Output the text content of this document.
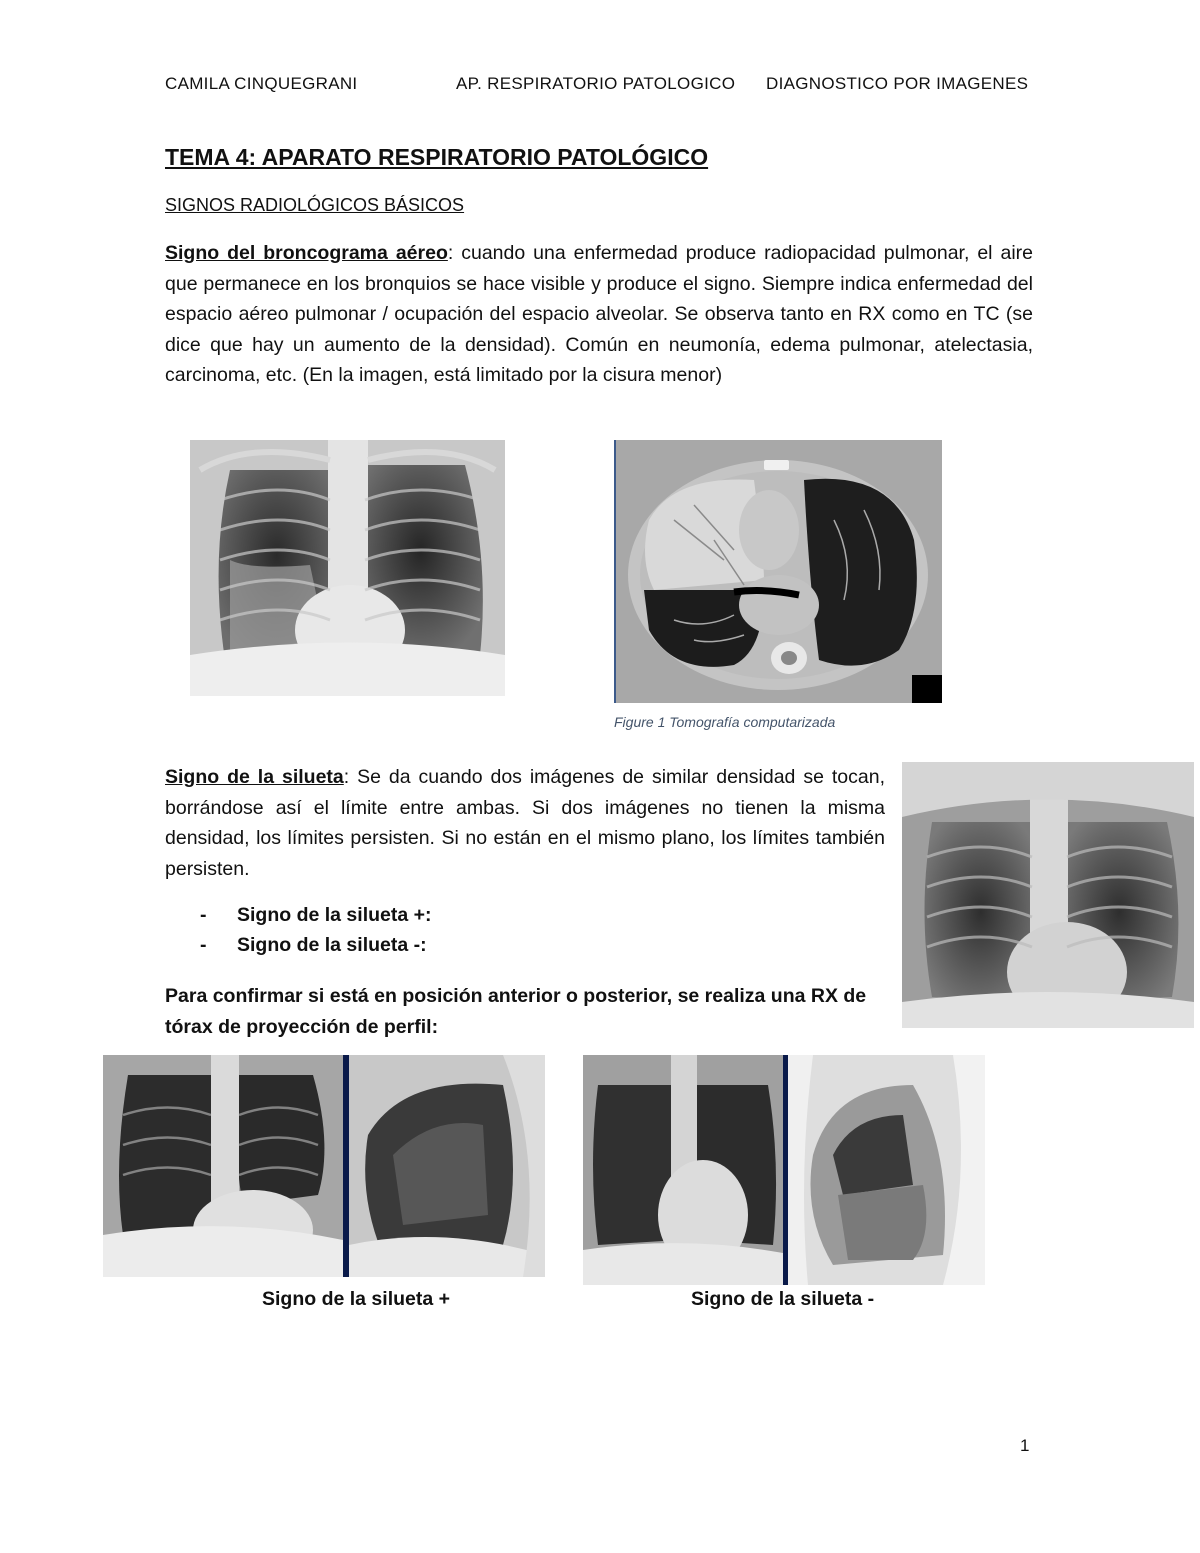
CAMILA CINQUEGRANI	AP. RESPIRATORIO PATOLOGICO DIAGNOSTICO POR IMAGENES
TEMA 4: APARATO RESPIRATORIO PATOLÓGICO
SIGNOS RADIOLÓGICOS BÁSICOS
Signo del broncograma aéreo: cuando una enfermedad produce radiopacidad pulmonar, el aire que permanece en los bronquios se hace visible y produce el signo. Siempre indica enfermedad del espacio aéreo pulmonar / ocupación del espacio alveolar. Se observa tanto en RX como en TC (se dice que hay un aumento de la densidad). Común en neumonía, edema pulmonar, atelectasia, carcinoma, etc. (En la imagen, está limitado por la cisura menor)
Figure 1 Tomografía computarizada
Signo de la silueta: Se da cuando dos imágenes de similar densidad se tocan, borrándose así el límite entre ambas. Si dos imágenes no tienen la misma densidad, los límites persisten. Si no están en el mismo plano, los límites también persisten.
- Signo de la silueta +:
- Signo de la silueta -:
Para confirmar si está en posición anterior o posterior, se realiza una RX de tórax de proyección de perfil:
Signo de la silueta +	Signo de la silueta -
1
